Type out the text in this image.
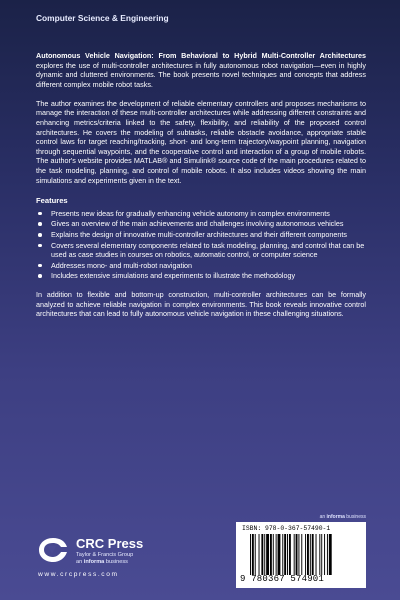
Computer Science & Engineering

Autonomous Vehicle Navigation: From Behavioral to Hybrid Multi-Controller Architectures explores the use of multi-controller architectures in fully autonomous robot navigation—even in highly dynamic and cluttered environments. The book presents novel techniques and concepts that address different complex mobile robot tasks.

The author examines the development of reliable elementary controllers and proposes mechanisms to manage the interaction of these multi-controller architectures while addressing different constraints and enhancing metrics/criteria linked to the safety, flexibility, and reliability of the proposed control architectures. He covers the modeling of subtasks, reliable obstacle avoidance, appropriate stable control laws for target reaching/tracking, short- and long-term trajectory/waypoint planning, navigation through sequential waypoints, and the cooperative control and interaction of a group of mobile robots. The author's website provides MATLAB® and Simulink® source code of the main procedures related to the task modeling, planning, and control of mobile robots. It also includes videos showing the main simulations and experiments given in the text.

Features
Presents new ideas for gradually enhancing vehicle autonomy in complex environments
Gives an overview of the main achievements and challenges involving autonomous vehicles
Explains the design of innovative multi-controller architectures and their different components
Covers several elementary components related to task modeling, planning, and control that can be used as case studies in courses on robotics, automatic control, or computer science
Addresses mono- and multi-robot navigation
Includes extensive simulations and experiments to illustrate the methodology

In addition to flexible and bottom-up construction, multi-controller architectures can be formally analyzed to achieve reliable navigation in complex environments. This book reveals innovative control architectures that can lead to fully autonomous vehicle navigation in these challenging situations.

an informa business
CRC Press
Taylor & Francis Group
an informa business
www.crcpress.com
ISBN: 978-0-367-57490-1
9 780367 574901
